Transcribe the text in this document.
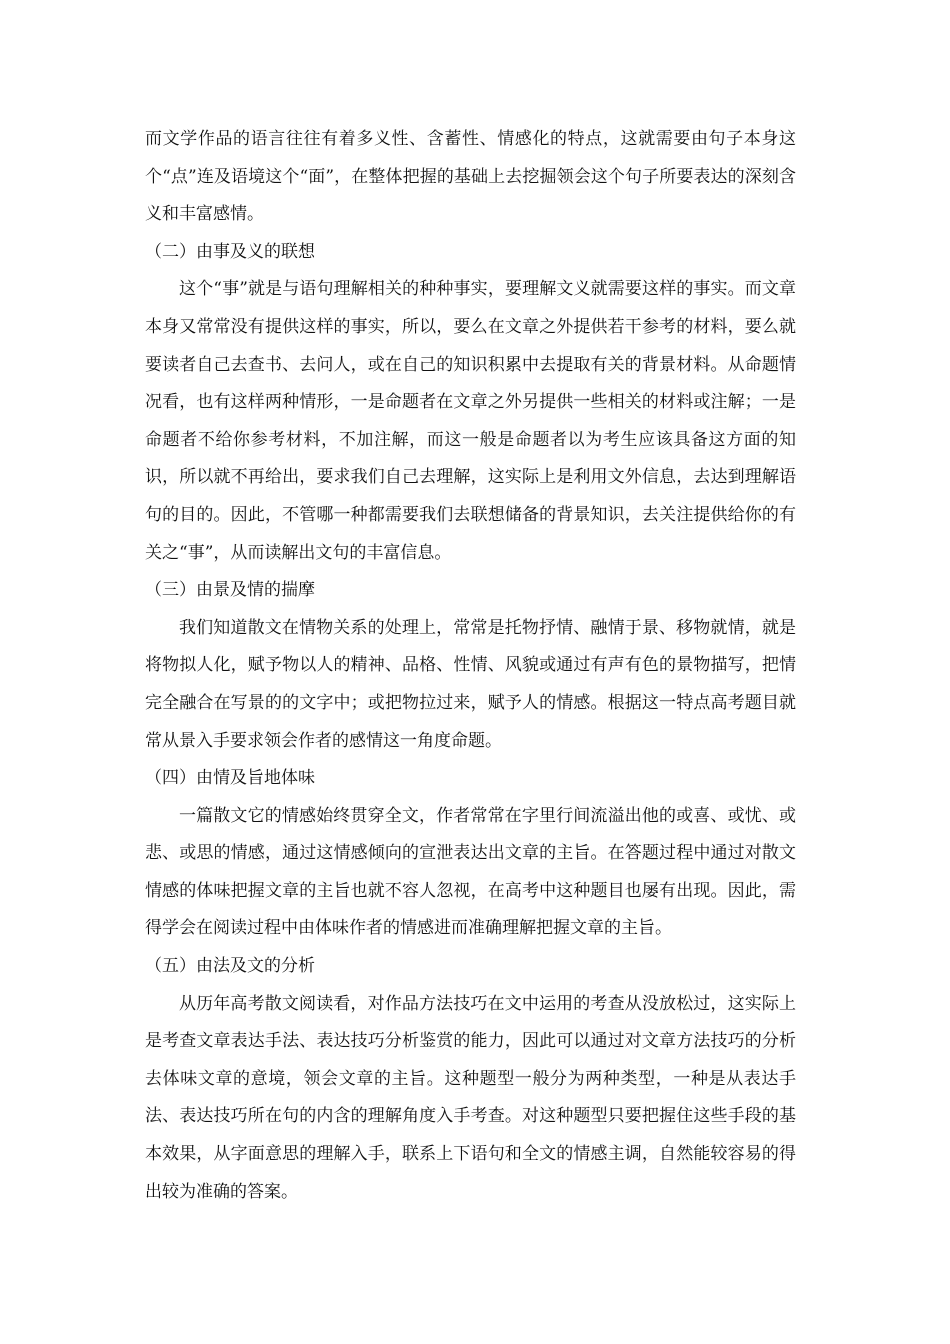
而文学作品的语言往往有着多义性、含蓄性、情感化的特点，这就需要由句子本身这个“点”连及语境这个“面”，在整体把握的基础上去挖掘领会这个句子所要表达的深刻含义和丰富感情。

（二）由事及义的联想

这个“事”就是与语句理解相关的种种事实，要理解文义就需要这样的事实。而文章本身又常常没有提供这样的事实，所以，要么在文章之外提供若干参考的材料，要么就要读者自己去查书、去问人，或在自己的知识积累中去提取有关的背景材料。从命题情况看，也有这样两种情形，一是命题者在文章之外另提供一些相关的材料或注解；一是命题者不给你参考材料，不加注解，而这一般是命题者以为考生应该具备这方面的知识，所以就不再给出，要求我们自己去理解，这实际上是利用文外信息，去达到理解语句的目的。因此，不管哪一种都需要我们去联想储备的背景知识，去关注提供给你的有关之“事”，从而读解出文句的丰富信息。

（三）由景及情的揣摩

我们知道散文在情物关系的处理上，常常是托物抒情、融情于景、移物就情，就是将物拟人化，赋予物以人的精神、品格、性情、风貌或通过有声有色的景物描写，把情完全融合在写景的的文字中；或把物拉过来，赋予人的情感。根据这一特点高考题目就常从景入手要求领会作者的感情这一角度命题。

（四）由情及旨地体味

一篇散文它的情感始终贯穿全文，作者常常在字里行间流溢出他的或喜、或忧、或悲、或思的情感，通过这情感倾向的宣泄表达出文章的主旨。在答题过程中通过对散文情感的体味把握文章的主旨也就不容人忽视，在高考中这种题目也屡有出现。因此，需得学会在阅读过程中由体味作者的情感进而准确理解把握文章的主旨。

（五）由法及文的分析

从历年高考散文阅读看，对作品方法技巧在文中运用的考查从没放松过，这实际上是考查文章表达手法、表达技巧分析鉴赏的能力，因此可以通过对文章方法技巧的分析去体味文章的意境，领会文章的主旨。这种题型一般分为两种类型，一种是从表达手法、表达技巧所在句的内含的理解角度入手考查。对这种题型只要把握住这些手段的基本效果，从字面意思的理解入手，联系上下语句和全文的情感主调，自然能较容易的得出较为准确的答案。
